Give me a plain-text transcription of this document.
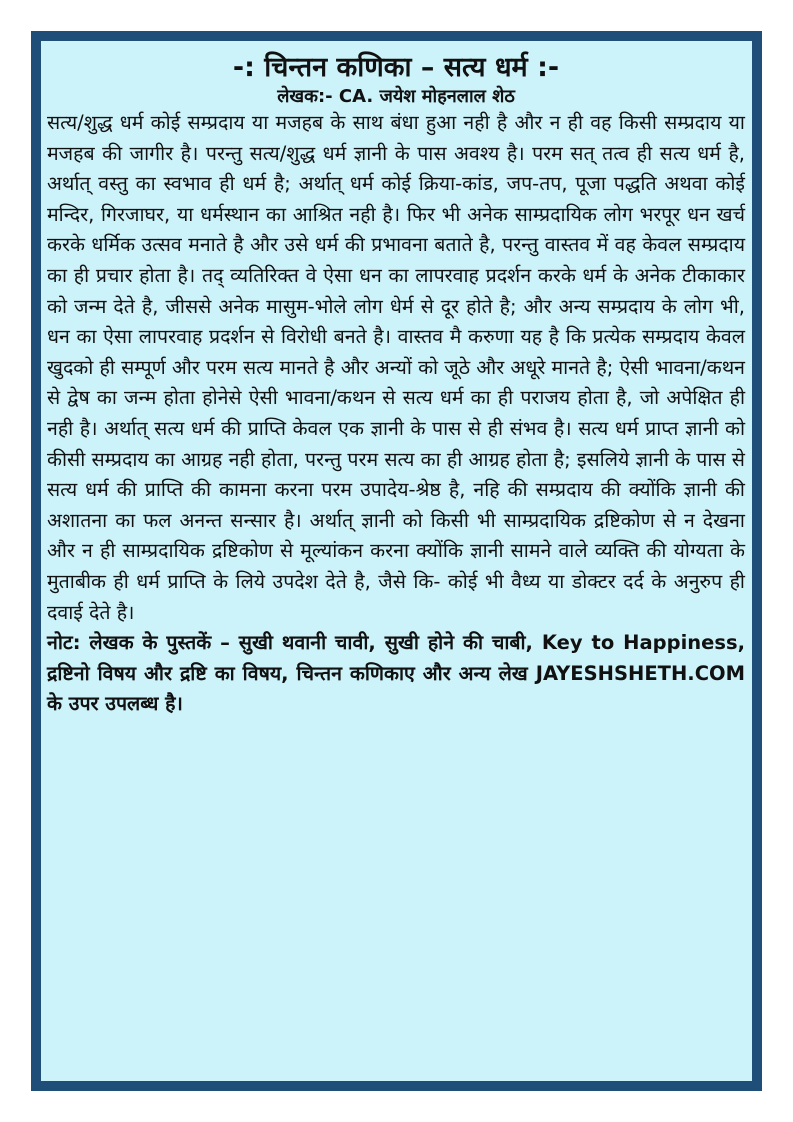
-: चिन्तन कणिका – सत्य धर्म :-

लेखक:- CA. जयेश मोहनलाल शेठ

सत्य/शुद्ध धर्म कोई सम्प्रदाय या मजहब के साथ बंधा हुआ नही है और न ही वह किसी सम्प्रदाय या मजहब की जागीर है। परन्तु सत्य/शुद्ध धर्म ज्ञानी के पास अवश्य है। परम सत् तत्व ही सत्य धर्म है, अर्थात् वस्तु का स्वभाव ही धर्म है; अर्थात् धर्म कोई क्रिया-कांड, जप-तप, पूजा पद्धति अथवा कोई मन्दिर, गिरजाघर, या धर्मस्थान का आश्रित नही है। फिर भी अनेक साम्प्रदायिक लोग भरपूर धन खर्च करके धर्मिक उत्सव मनाते है और उसे धर्म की प्रभावना बताते है, परन्तु वास्तव में वह केवल सम्प्रदाय का ही प्रचार होता है। तद् व्यतिरिक्त वे ऐसा धन का लापरवाह प्रदर्शन करके धर्म के अनेक टीकाकार को जन्म देते है, जीससे अनेक मासुम-भोले लोग धेर्म से दूर होते है; और अन्य सम्प्रदाय के लोग भी, धन का ऐसा लापरवाह प्रदर्शन से विरोधी बनते है। वास्तव मै करुणा यह है कि प्रत्येक सम्प्रदाय केवल खुदको ही सम्पूर्ण और परम सत्य मानते है और अन्यों को जूठे और अधूरे मानते है; ऐसी भावना/कथन से द्वेष का जन्म होता होनेसे ऐसी भावना/कथन से सत्य धर्म का ही पराजय होता है, जो अपेक्षित ही नही है। अर्थात् सत्य धर्म की प्राप्ति केवल एक ज्ञानी के पास से ही संभव है। सत्य धर्म प्राप्त ज्ञानी को कीसी सम्प्रदाय का आग्रह नही होता, परन्तु परम सत्य का ही आग्रह होता है; इसलिये ज्ञानी के पास से सत्य धर्म की प्राप्ति की कामना करना परम उपादेय-श्रेष्ठ है, नहि की सम्प्रदाय की क्योंकि ज्ञानी की अशातना का फल अनन्त सन्सार है। अर्थात् ज्ञानी को किसी भी साम्प्रदायिक द्रष्टिकोण से न देखना और न ही साम्प्रदायिक द्रष्टिकोण से मूल्यांकन करना क्योंकि ज्ञानी सामने वाले व्यक्ति की योग्यता के मुताबीक ही धर्म प्राप्ति के लिये उपदेश देते है, जैसे कि- कोई भी वैध्य या डोक्टर दर्द के अनुरुप ही दवाई देते है।

नोट: लेखक के पुस्तकें – सुखी थवानी चावी, सुखी होने की चाबी, Key to Happiness, द्रष्टिनो विषय और द्रष्टि का विषय, चिन्तन कणिकाए और अन्य लेख JAYESHSHETH.COM के उपर उपलब्ध है।
